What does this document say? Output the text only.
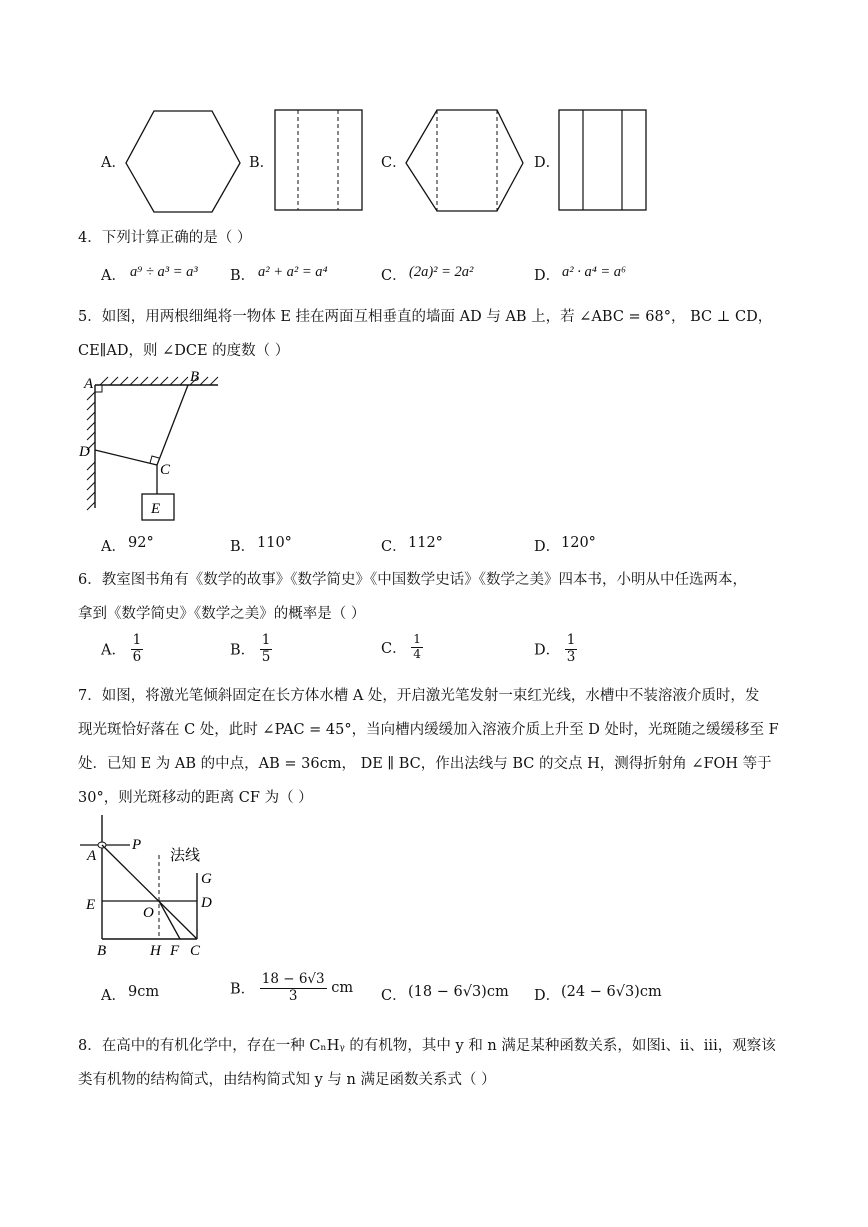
A．	B．	C．	D．
4．下列计算正确的是（ ）
A． a⁹ ÷ a³ = a³ B． a² + a² = a⁴	C． (2a)² = 2a²	D． a² · a⁴ = a⁶
5．如图，用两根细绳将一物体 E 挂在两面互相垂直的墙面 AD 与 AB 上，若 ∠ABC = 68°， BC ⊥ CD，
CE∥AD，则 ∠DCE 的度数（ ）
A	B
D
C
E
A． 92°	B． 110°	C． 112°	D． 120°
6．教室图书角有《数学的故事》《数学简史》《中国数学史话》《数学之美》四本书，小明从中任选两本，
拿到《数学简史》《数学之美》的概率是（ ）
A． $\frac{1}{6}$	B． $\frac{1}{5}$	C． $\frac{1}{4}$	D． $\frac{1}{3}$
7．如图，将激光笔倾斜固定在长方体水槽 A 处，开启激光笔发射一束红光线，水槽中不装溶液介质时，发
现光斑恰好落在 C 处，此时 ∠PAC = 45°，当向槽内缓缓加入溶液介质上升至 D 处时，光斑随之缓缓移至 F
处．已知 E 为 AB 的中点，AB = 36cm， DE ∥ BC，作出法线与 BC 的交点 H，测得折射角 ∠FOH 等于
30°，则光斑移动的距离 CF 为（ ）
A
P
法线
G
E	O
D
B	H F C
A． 9cm	B． $\frac{18 - 6√3}{3}$ cm C． (18 − 6√3)cm D． (24 − 6√3)cm
8．在高中的有机化学中，存在一种 CₙHᵧ 的有机物，其中 y 和 n 满足某种函数关系，如图i、ii、iii，观察该
类有机物的结构简式，由结构简式知 y 与 n 满足函数关系式（ ）
